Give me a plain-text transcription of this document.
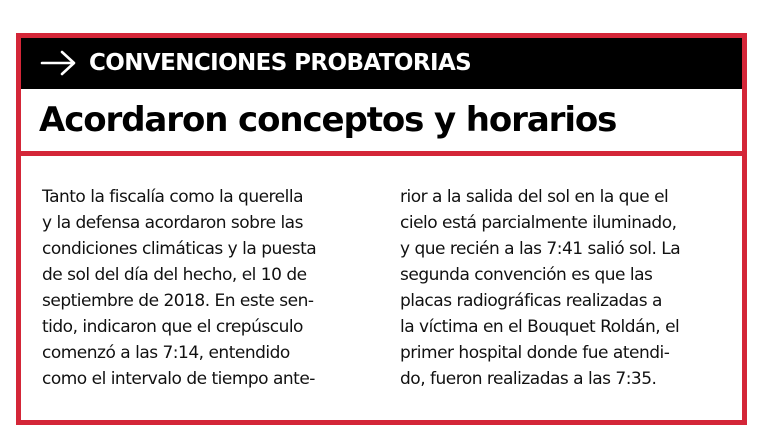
CONVENCIONES PROBATORIAS
Acordaron conceptos y horarios
Tanto la fiscalía como la querella
y la defensa acordaron sobre las
condiciones climáticas y la puesta
de sol del día del hecho, el 10 de
septiembre de 2018. En este sen-
tido, indicaron que el crepúsculo
comenzó a las 7:14, entendido
como el intervalo de tiempo ante-
rior a la salida del sol en la que el
cielo está parcialmente iluminado,
y que recién a las 7:41 salió sol. La
segunda convención es que las
placas radiográficas realizadas a
la víctima en el Bouquet Roldán, el
primer hospital donde fue atendi-
do, fueron realizadas a las 7:35.
